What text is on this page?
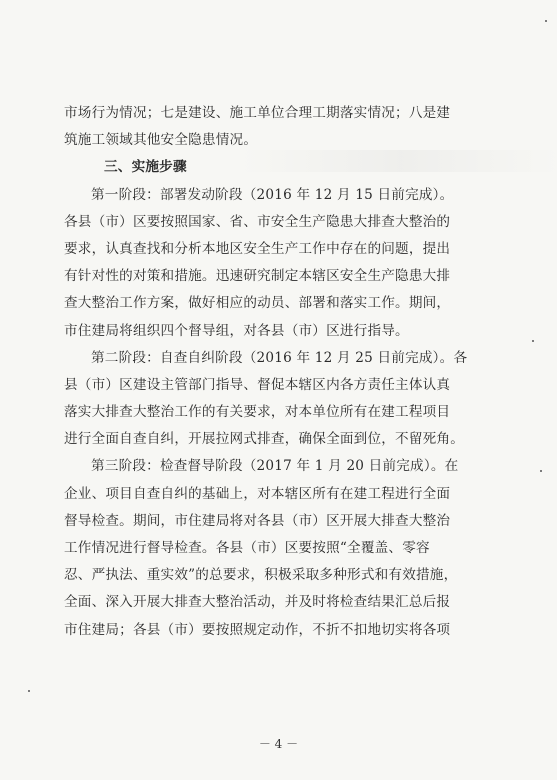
市场行为情况；七是建设、施工单位合理工期落实情况；八是建
筑施工领域其他安全隐患情况。
三、实施步骤
第一阶段：部署发动阶段（2016 年 12 月 15 日前完成）。
各县（市）区要按照国家、省、市安全生产隐患大排查大整治的
要求，认真查找和分析本地区安全生产工作中存在的问题，提出
有针对性的对策和措施。迅速研究制定本辖区安全生产隐患大排
查大整治工作方案，做好相应的动员、部署和落实工作。期间，
市住建局将组织四个督导组，对各县（市）区进行指导。
第二阶段：自查自纠阶段（2016 年 12 月 25 日前完成）。各
县（市）区建设主管部门指导、督促本辖区内各方责任主体认真
落实大排查大整治工作的有关要求，对本单位所有在建工程项目
进行全面自查自纠，开展拉网式排查，确保全面到位，不留死角。
第三阶段：检查督导阶段（2017 年 1 月 20 日前完成）。在
企业、项目自查自纠的基础上，对本辖区所有在建工程进行全面
督导检查。期间，市住建局将对各县（市）区开展大排查大整治
工作情况进行督导检查。各县（市）区要按照“全覆盖、零容
忍、严执法、重实效”的总要求，积极采取多种形式和有效措施，
全面、深入开展大排查大整治活动，并及时将检查结果汇总后报
市住建局；各县（市）要按照规定动作，不折不扣地切实将各项
－ 4 －
